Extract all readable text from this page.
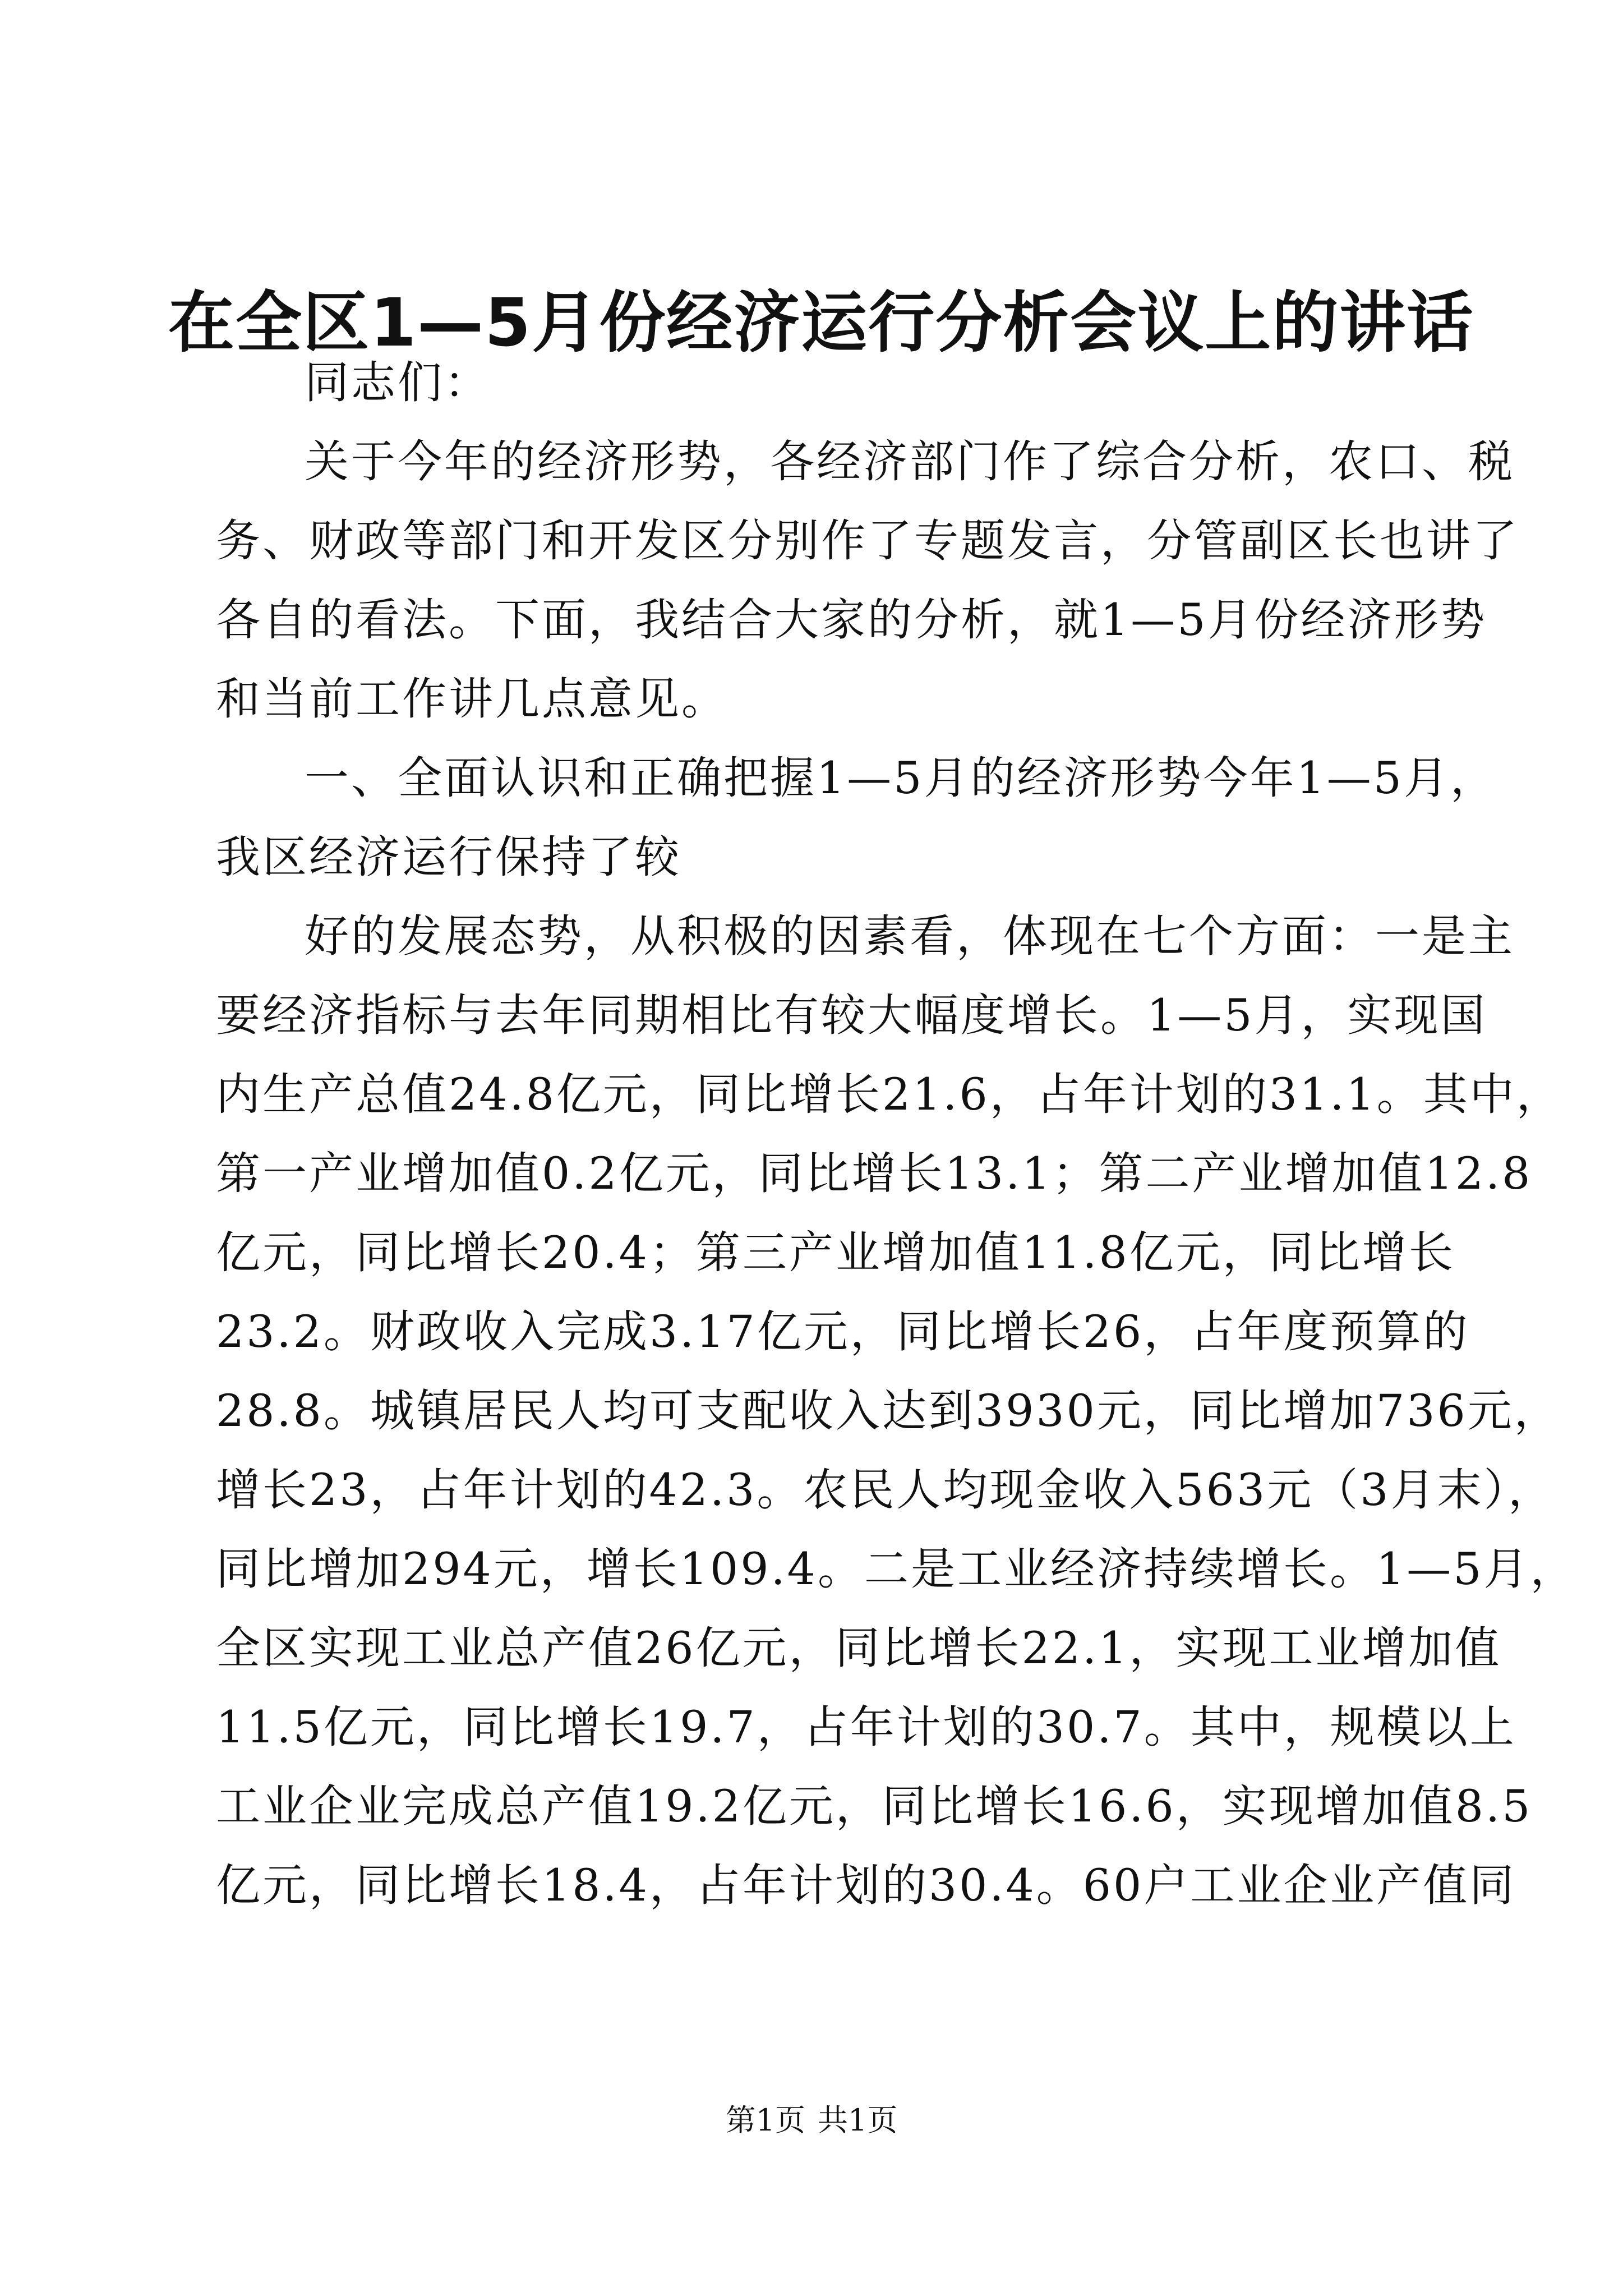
在全区1—5月份经济运行分析会议上的讲话
同志们：
关于今年的经济形势，各经济部门作了综合分析，农口、税
务、财政等部门和开发区分别作了专题发言，分管副区长也讲了
各自的看法。下面，我结合大家的分析，就1—5月份经济形势
和当前工作讲几点意见。
一、全面认识和正确把握1—5月的经济形势今年1—5月，
我区经济运行保持了较
好的发展态势，从积极的因素看，体现在七个方面：一是主
要经济指标与去年同期相比有较大幅度增长。1—5月，实现国
内生产总值24.8亿元，同比增长21.6，占年计划的31.1。其中，
第一产业增加值0.2亿元，同比增长13.1；第二产业增加值12.8
亿元，同比增长20.4；第三产业增加值11.8亿元，同比增长
23.2。财政收入完成3.17亿元，同比增长26，占年度预算的
28.8。城镇居民人均可支配收入达到3930元，同比增加736元，
增长23，占年计划的42.3。农民人均现金收入563元（3月末），
同比增加294元，增长109.4。二是工业经济持续增长。1—5月，
全区实现工业总产值26亿元，同比增长22.1，实现工业增加值
11.5亿元，同比增长19.7，占年计划的30.7。其中，规模以上
工业企业完成总产值19.2亿元，同比增长16.6，实现增加值8.5
亿元，同比增长18.4，占年计划的30.4。60户工业企业产值同
第1页 共1页
